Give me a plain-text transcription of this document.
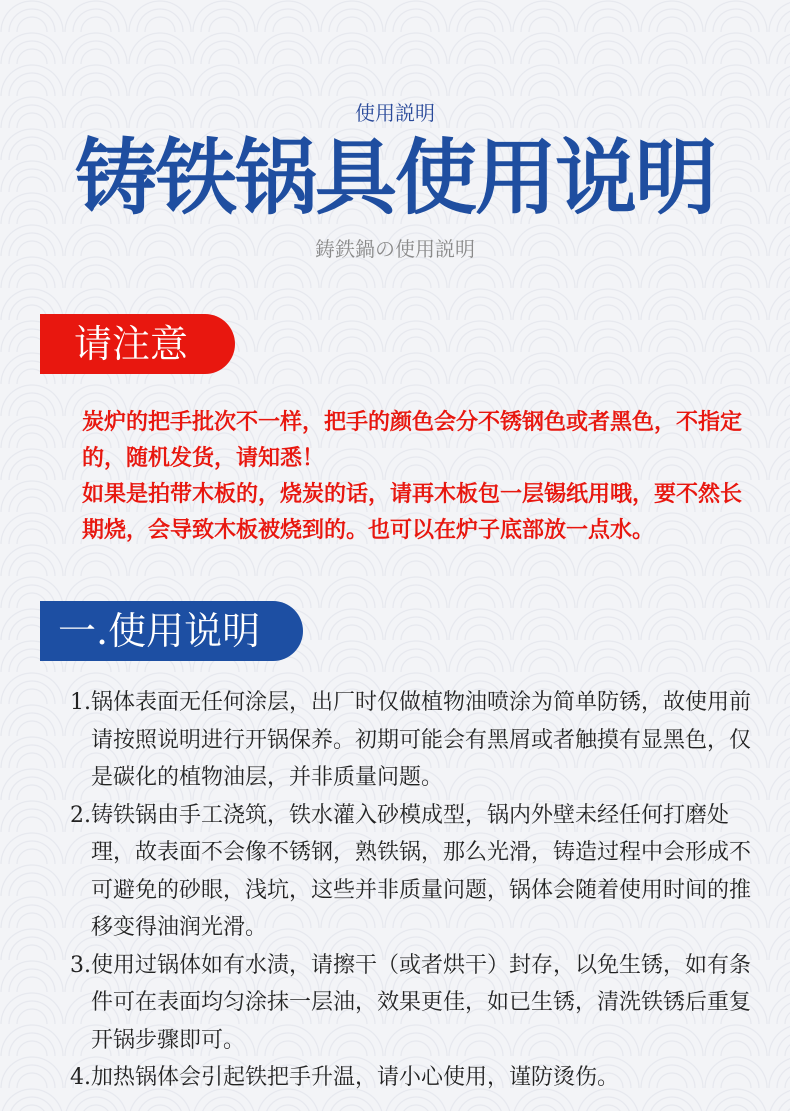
使用説明
铸铁锅具使用说明
鋳鉄鍋の使用説明
请注意

炭炉的把手批次不一样，把手的颜色会分不锈钢色或者黑色，不指定的，随机发货，请知悉！

如果是拍带木板的，烧炭的话，请再木板包一层锡纸用哦，要不然长期烧，会导致木板被烧到的。也可以在炉子底部放一点水。

一.使用说明
1. 锅体表面无任何涂层，出厂时仅做植物油喷涂为简单防锈，故使用前请按照说明进行开锅保养。初期可能会有黑屑或者触摸有显黑色，仅是碳化的植物油层，并非质量问题。
2. 铸铁锅由手工浇筑，铁水灌入砂模成型，锅内外壁未经任何打磨处理，故表面不会像不锈钢，熟铁锅，那么光滑，铸造过程中会形成不可避免的砂眼，浅坑，这些并非质量问题，锅体会随着使用时间的推移变得油润光滑。
3. 使用过锅体如有水渍，请擦干（或者烘干）封存，以免生锈，如有条件可在表面均匀涂抹一层油，效果更佳，如已生锈，清洗铁锈后重复开锅步骤即可。
4. 加热锅体会引起铁把手升温，请小心使用，谨防烫伤。
